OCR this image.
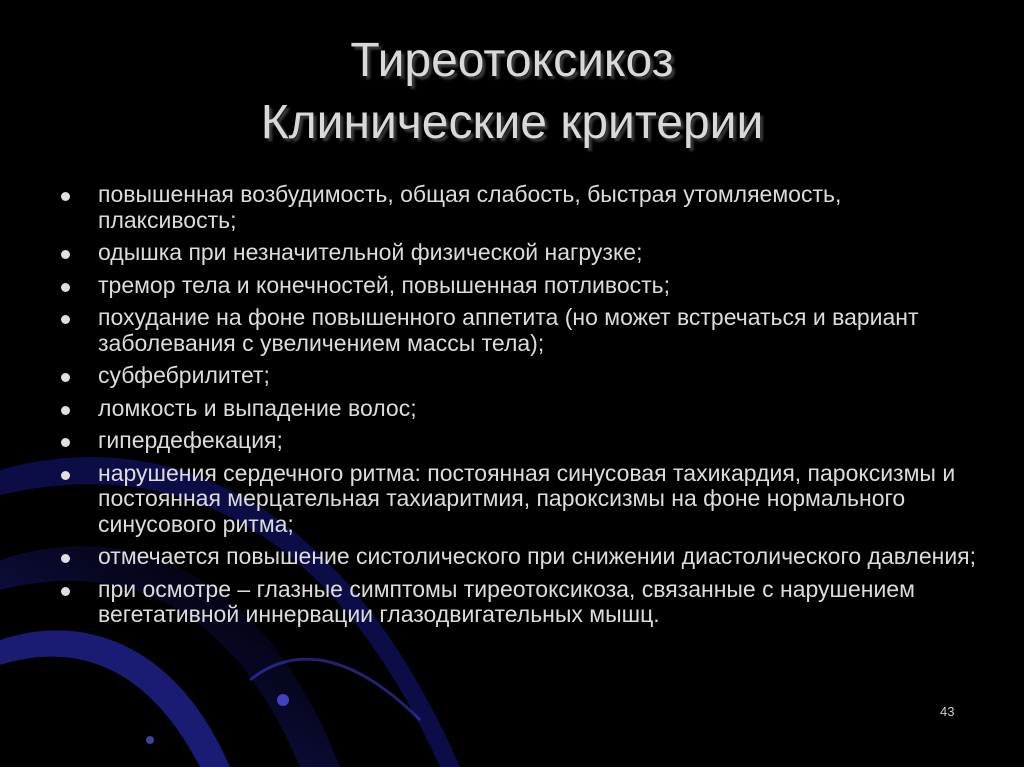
Тиреотоксикоз
Клинические критерии
повышенная возбудимость, общая слабость, быстрая утомляемость, плаксивость;
одышка при незначительной физической нагрузке;
тремор тела и конечностей, повышенная потливость;
похудание на фоне повышенного аппетита (но может встречаться и вариант заболевания с увеличением массы тела);
субфебрилитет;
ломкость и выпадение волос;
гипердефекация;
нарушения сердечного ритма: постоянная синусовая тахикардия, пароксизмы и постоянная мерцательная тахиаритмия, пароксизмы на фоне нормального синусового ритма;
отмечается повышение систолического при снижении диастолического давления;
при осмотре – глазные симптомы тиреотоксикоза, связанные с нарушением вегетативной иннервации глазодвигательных мышц.
43
